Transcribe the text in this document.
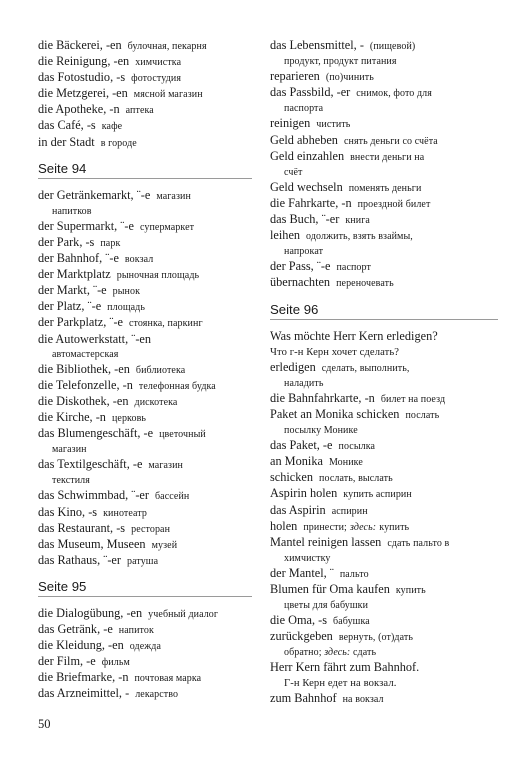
die Bäckerei, -en булочная, пекарня
die Reinigung, -en химчистка
das Fotostudio, -s фотостудия
die Metzgerei, -en мясной магазин
die Apotheke, -n аптека
das Café, -s кафе
in der Stadt в городе
Seite 94
der Getränkemarkt, ¨-e магазин
напитков
der Supermarkt, ¨-e супермаркет
der Park, -s парк
der Bahnhof, ¨-e вокзал
der Marktplatz рыночная площадь
der Markt, ¨-e рынок
der Platz, ¨-e площадь
der Parkplatz, ¨-e стоянка, паркинг
die Autowerkstatt, ¨-en
автомастерская
die Bibliothek, -en библиотека
die Telefonzelle, -n телефонная будка
die Diskothek, -en дискотека
die Kirche, -n церковь
das Blumengeschäft, -e цветочный
магазин
das Textilgeschäft, -e магазин
текстиля
das Schwimmbad, ¨-er бассейн
das Kino, -s кинотеатр
das Restaurant, -s ресторан
das Museum, Museen музей
das Rathaus, ¨-er ратуша
Seite 95
die Dialogübung, -en учебный диалог
das Getränk, -e напиток
die Kleidung, -en одежда
der Film, -e фильм
die Briefmarke, -n почтовая марка
das Arzneimittel, - лекарство
das Lebensmittel, - (пищевой)
продукт, продукт питания
reparieren (по)чинить
das Passbild, -er снимок, фото для
паспорта
reinigen чистить
Geld abheben снять деньги со счёта
Geld einzahlen внести деньги на
счёт
Geld wechseln поменять деньги
die Fahrkarte, -n проездной билет
das Buch, ¨-er книга
leihen одолжить, взять взаймы,
напрокат
der Pass, ¨-e паспорт
übernachten переночевать
Seite 96
Was möchte Herr Kern erledigen?
Что г-н Керн хочет сделать?
erledigen сделать, выполнить,
наладить
die Bahnfahrkarte, -n билет на поезд
Paket an Monika schicken послать
посылку Монике
das Paket, -e посылка
an Monika Монике
schicken послать, выслать
Aspirin holen купить аспирин
das Aspirin аспирин
holen принести; здесь: купить
Mantel reinigen lassen сдать пальто в
химчистку
der Mantel, ¨ пальто
Blumen für Oma kaufen купить
цветы для бабушки
die Oma, -s бабушка
zurückgeben вернуть, (от)дать
обратно; здесь: сдать
Herr Kern fährt zum Bahnhof.
Г-н Керн едет на вокзал.
zum Bahnhof на вокзал
50
